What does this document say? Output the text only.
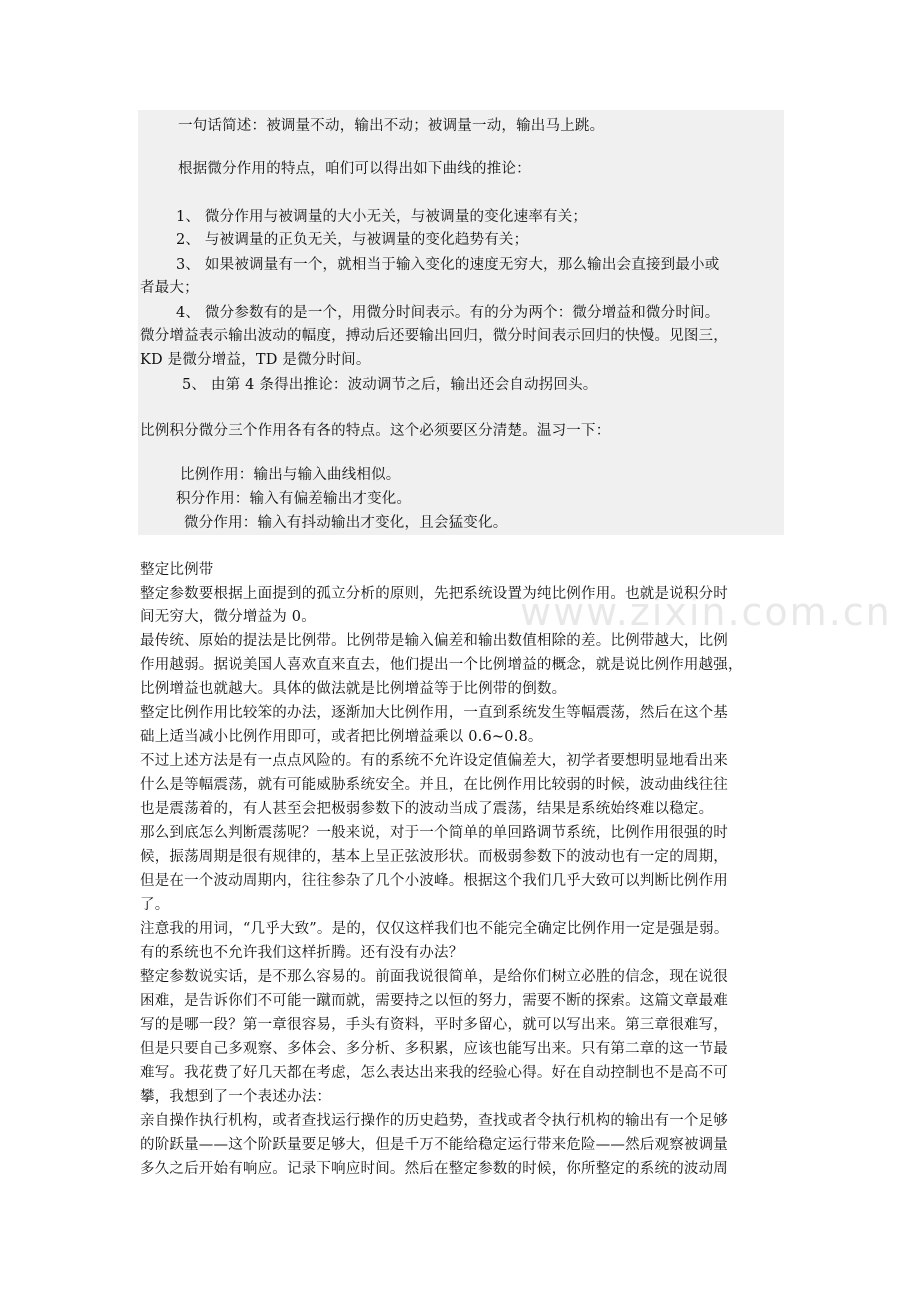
一句话简述：被调量不动，输出不动；被调量一动，输出马上跳。
根据微分作用的特点，咱们可以得出如下曲线的推论：
1、 微分作用与被调量的大小无关，与被调量的变化速率有关；
2、 与被调量的正负无关，与被调量的变化趋势有关；
3、 如果被调量有一个，就相当于输入变化的速度无穷大，那么输出会直接到最小或
者最大；
4、 微分参数有的是一个，用微分时间表示。有的分为两个：微分增益和微分时间。
微分增益表示输出波动的幅度，搏动后还要输出回归，微分时间表示回归的快慢。见图三，
KD 是微分增益，TD 是微分时间。
5、 由第 4 条得出推论：波动调节之后，输出还会自动拐回头。
比例积分微分三个作用各有各的特点。这个必须要区分清楚。温习一下：
比例作用：输出与输入曲线相似。
积分作用：输入有偏差输出才变化。
微分作用：输入有抖动输出才变化，且会猛变化。
www.zixin.com.cn
整定比例带
整定参数要根据上面提到的孤立分析的原则，先把系统设置为纯比例作用。也就是说积分时
间无穷大，微分增益为 0。
最传统、原始的提法是比例带。比例带是输入偏差和输出数值相除的差。比例带越大，比例
作用越弱。据说美国人喜欢直来直去，他们提出一个比例增益的概念，就是说比例作用越强，
比例增益也就越大。具体的做法就是比例增益等于比例带的倒数。
整定比例作用比较笨的办法，逐渐加大比例作用，一直到系统发生等幅震荡，然后在这个基
础上适当减小比例作用即可，或者把比例增益乘以 0.6~0.8。
不过上述方法是有一点点风险的。有的系统不允许设定值偏差大，初学者要想明显地看出来
什么是等幅震荡，就有可能威胁系统安全。并且，在比例作用比较弱的时候，波动曲线往往
也是震荡着的，有人甚至会把极弱参数下的波动当成了震荡，结果是系统始终难以稳定。
那么到底怎么判断震荡呢？一般来说，对于一个简单的单回路调节系统，比例作用很强的时
候，振荡周期是很有规律的，基本上呈正弦波形状。而极弱参数下的波动也有一定的周期，
但是在一个波动周期内，往往参杂了几个小波峰。根据这个我们几乎大致可以判断比例作用
了。
注意我的用词，“几乎大致”。是的，仅仅这样我们也不能完全确定比例作用一定是强是弱。
有的系统也不允许我们这样折腾。还有没有办法？
整定参数说实话，是不那么容易的。前面我说很简单，是给你们树立必胜的信念，现在说很
困难，是告诉你们不可能一蹴而就，需要持之以恒的努力，需要不断的探索。这篇文章最难
写的是哪一段？第一章很容易，手头有资料，平时多留心，就可以写出来。第三章很难写，
但是只要自己多观察、多体会、多分析、多积累，应该也能写出来。只有第二章的这一节最
难写。我花费了好几天都在考虑，怎么表达出来我的经验心得。好在自动控制也不是高不可
攀，我想到了一个表述办法：
亲自操作执行机构，或者查找运行操作的历史趋势，查找或者令执行机构的输出有一个足够
的阶跃量——这个阶跃量要足够大，但是千万不能给稳定运行带来危险——然后观察被调量
多久之后开始有响应。记录下响应时间。然后在整定参数的时候，你所整定的系统的波动周
